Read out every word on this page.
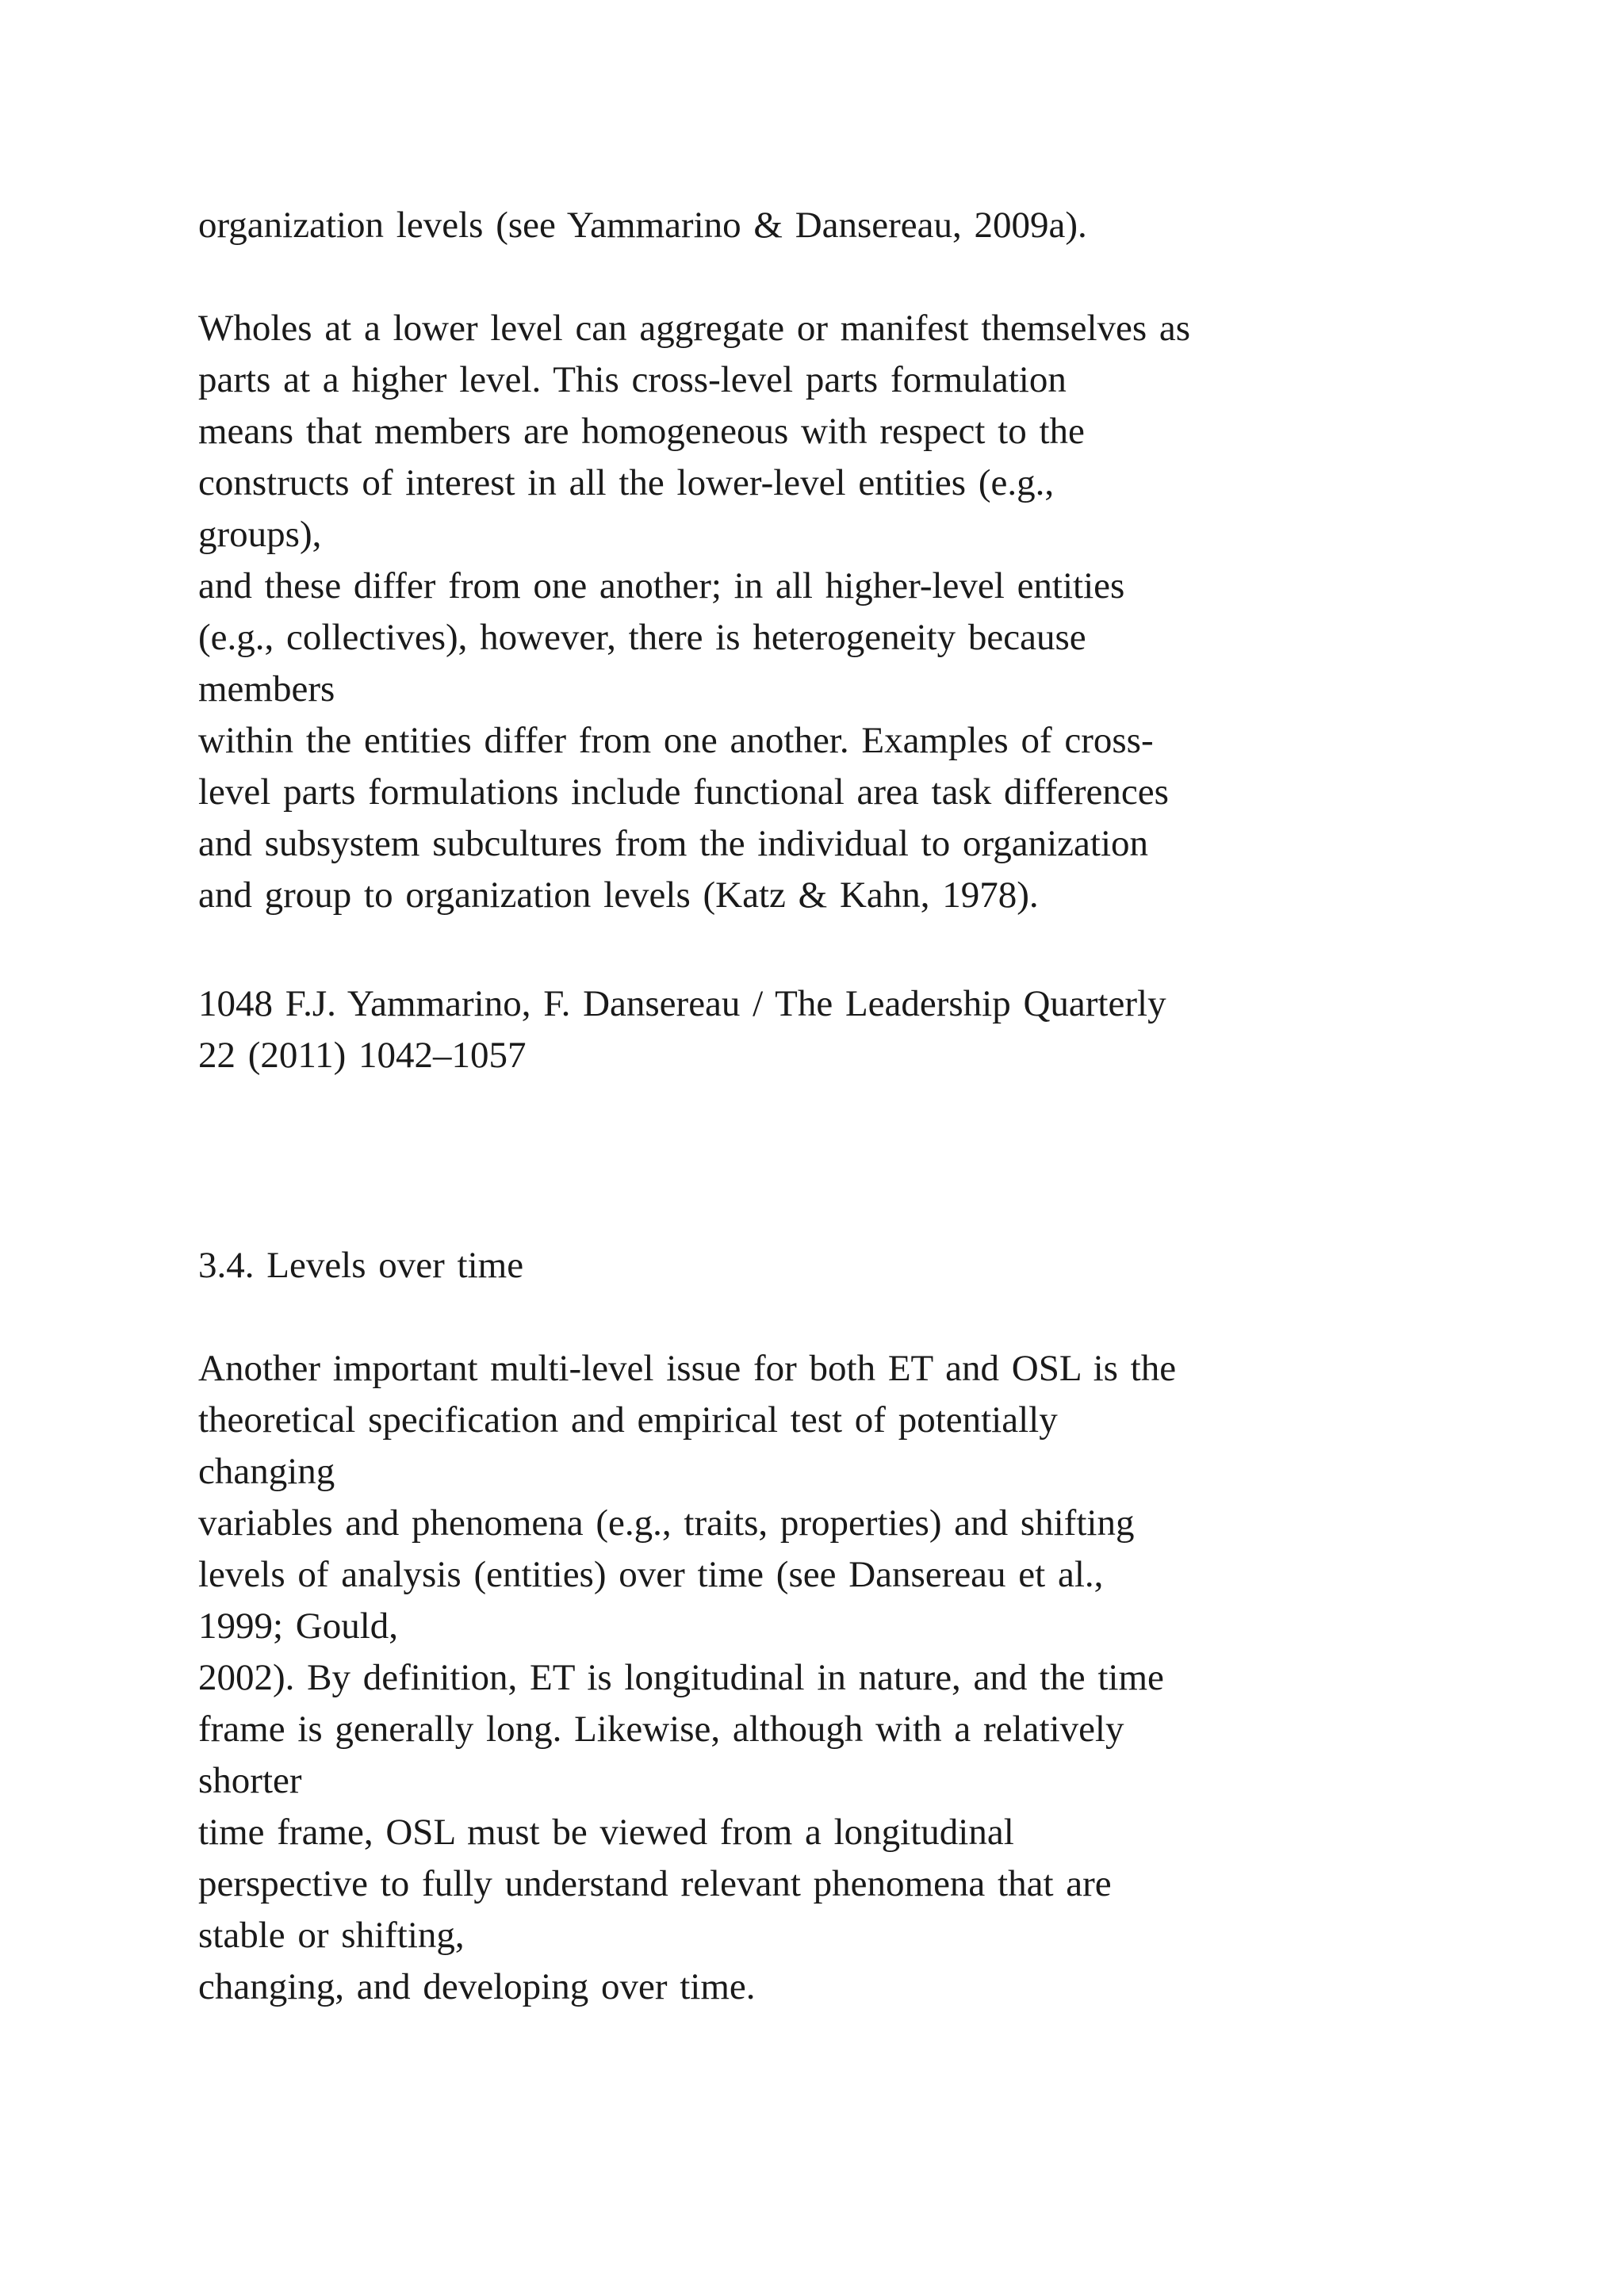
organization levels (see Yammarino & Dansereau, 2009a).
Wholes at a lower level can aggregate or manifest themselves as
parts at a higher level. This cross-level parts formulation
means that members are homogeneous with respect to the
constructs of interest in all the lower-level entities (e.g.,
groups),
and these differ from one another; in all higher-level entities
(e.g., collectives), however, there is heterogeneity because
members
within the entities differ from one another. Examples of cross-
level parts formulations include functional area task differences
and subsystem subcultures from the individual to organization
and group to organization levels (Katz & Kahn, 1978).
1048 F.J. Yammarino, F. Dansereau / The Leadership Quarterly
22 (2011) 1042–1057
3.4. Levels over time
Another important multi-level issue for both ET and OSL is the
theoretical specification and empirical test of potentially
changing
variables and phenomena (e.g., traits, properties) and shifting
levels of analysis (entities) over time (see Dansereau et al.,
1999; Gould,
2002). By definition, ET is longitudinal in nature, and the time
frame is generally long. Likewise, although with a relatively
shorter
time frame, OSL must be viewed from a longitudinal
perspective to fully understand relevant phenomena that are
stable or shifting,
changing, and developing over time.
